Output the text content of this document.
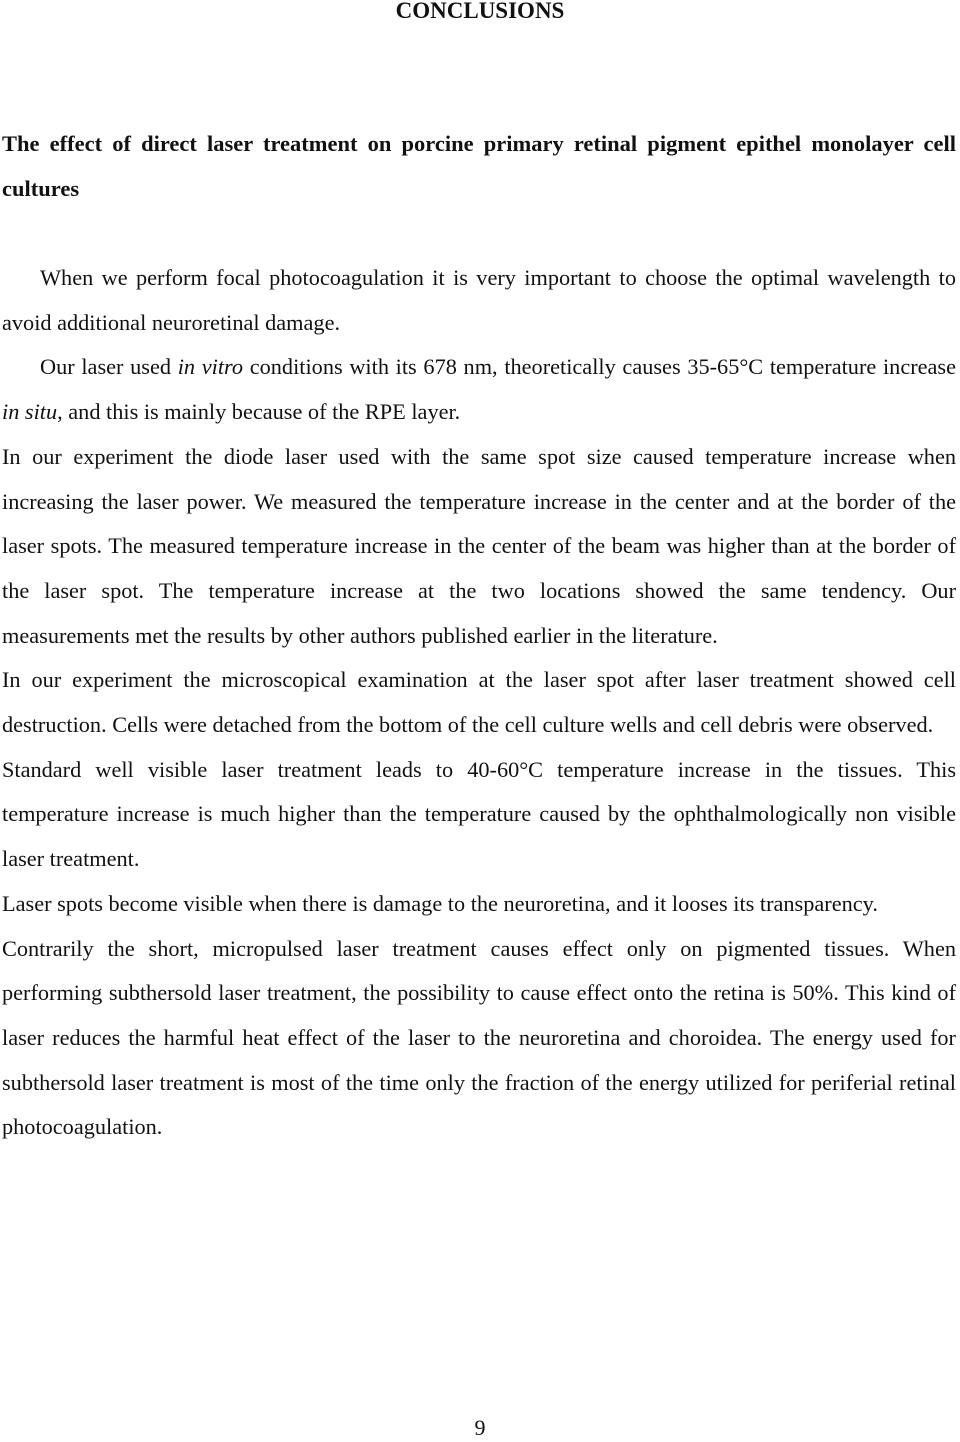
CONCLUSIONS
The effect of direct laser treatment on porcine primary retinal pigment epithel monolayer cell cultures

When we perform focal photocoagulation it is very important to choose the optimal wavelength to avoid additional neuroretinal damage.

Our laser used in vitro conditions with its 678 nm, theoretically causes 35-65°C temperature increase in situ, and this is mainly because of the RPE layer.

In our experiment the diode laser used with the same spot size caused temperature increase when increasing the laser power. We measured the temperature increase in the center and at the border of the laser spots. The measured temperature increase in the center of the beam was higher than at the border of the laser spot. The temperature increase at the two locations showed the same tendency. Our measurements met the results by other authors published earlier in the literature.

In our experiment the microscopical examination at the laser spot after laser treatment showed cell destruction. Cells were detached from the bottom of the cell culture wells and cell debris were observed.

Standard well visible laser treatment leads to 40-60°C temperature increase in the tissues. This temperature increase is much higher than the temperature caused by the ophthalmologically non visible laser treatment.

Laser spots become visible when there is damage to the neuroretina, and it looses its transparency.

Contrarily the short, micropulsed laser treatment causes effect only on pigmented tissues. When performing subthersold laser treatment, the possibility to cause effect onto the retina is 50%. This kind of laser reduces the harmful heat effect of the laser to the neuroretina and choroidea. The energy used for subthersold laser treatment is most of the time only the fraction of the energy utilized for periferial retinal photocoagulation.

9
